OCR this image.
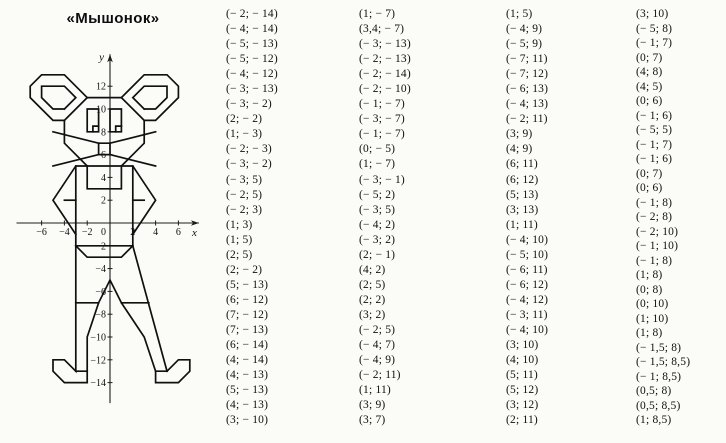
«Мышонок»
y
x
−6 −4 −2 0 2 4 6
12
10
8
6
4
2
−2
−4
−6
−8
−10
−12
−14
(− 2; − 14)
(− 4; − 14)
(− 5; − 13)
(− 5; − 12)
(− 4; − 12)
(− 3; − 13)
(− 3; − 2)
(2; − 2)
(1; − 3)
(− 2; − 3)
(− 3; − 2)
(− 3; 5)
(− 2; 5)
(− 2; 3)
(1; 3)
(1; 5)
(2; 5)
(2; − 2)
(5; − 13)
(6; − 12)
(7; − 12)
(7; − 13)
(6; − 14)
(4; − 14)
(4; − 13)
(5; − 13)
(4; − 13)
(3; − 10)
(1; − 7)
(3,4; − 7)
(− 3; − 13)
(− 2; − 13)
(− 2; − 14)
(− 2; − 10)
(− 1; − 7)
(− 3; − 7)
(− 1; − 7)
(0; − 5)
(1; − 7)
(− 3; − 1)
(− 5; 2)
(− 3; 5)
(− 4; 2)
(− 3; 2)
(2; − 1)
(4; 2)
(2; 5)
(2; 2)
(3; 2)
(− 2; 5)
(− 4; 7)
(− 4; 9)
(− 2; 11)
(1; 11)
(3; 9)
(3; 7)
(1; 5)
(− 4; 9)
(− 5; 9)
(− 7; 11)
(− 7; 12)
(− 6; 13)
(− 4; 13)
(− 2; 11)
(3; 9)
(4; 9)
(6; 11)
(6; 12)
(5; 13)
(3; 13)
(1; 11)
(− 4; 10)
(− 5; 10)
(− 6; 11)
(− 6; 12)
(− 4; 12)
(− 3; 11)
(− 4; 10)
(3; 10)
(4; 10)
(5; 11)
(5; 12)
(3; 12)
(2; 11)
(3; 10)
(− 5; 8)
(− 1; 7)
(0; 7)
(4; 8)
(4; 5)
(0; 6)
(− 1; 6)
(− 5; 5)
(− 1; 7)
(− 1; 6)
(0; 7)
(0; 6)
(− 1; 8)
(− 2; 8)
(− 2; 10)
(− 1; 10)
(− 1; 8)
(1; 8)
(0; 8)
(0; 10)
(1; 10)
(1; 8)
(− 1,5; 8)
(− 1,5; 8,5)
(− 1; 8,5)
(0,5; 8)
(0,5; 8,5)
(1; 8,5)
